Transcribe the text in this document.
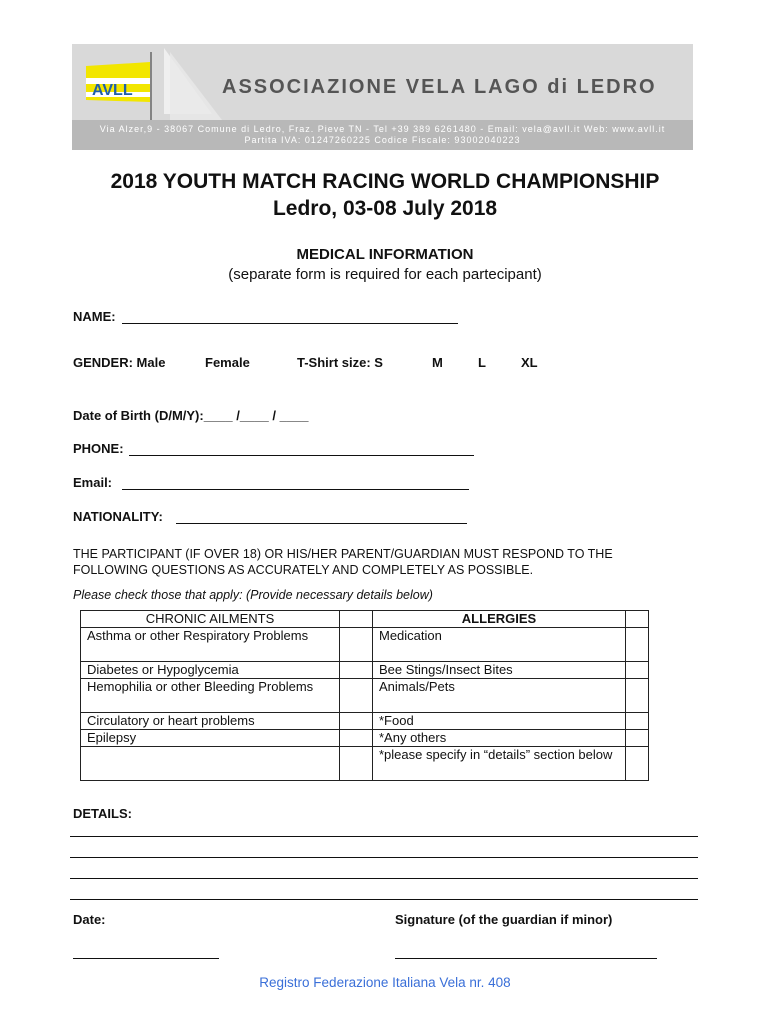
AVLL	ASSOCIAZIONE VELA LAGO di LEDRO
Via Alzer,9 - 38067 Comune di Ledro, Fraz. Pieve TN - Tel +39 389 6261480 - Email: vela@avll.it Web: www.avll.it
Partita IVA: 01247260225 Codice Fiscale: 93002040223
2018 YOUTH MATCH RACING WORLD CHAMPIONSHIP
Ledro, 03-08 July 2018
MEDICAL INFORMATION
(separate form is required for each partecipant)
NAME:
GENDER: Male	Female	T-Shirt size: S	M	L	XL
Date of Birth (D/M/Y):____ /____ / ____
PHONE:
Email:
NATIONALITY:
THE PARTICIPANT (IF OVER 18) OR HIS/HER PARENT/GUARDIAN MUST RESPOND TO THE
FOLLOWING QUESTIONS AS ACCURATELY AND COMPLETELY AS POSSIBLE.
Please check those that apply: (Provide necessary details below)
CHRONIC AILMENTS		ALLERGIES	
Asthma or other Respiratory Problems		Medication	
Diabetes or Hypoglycemia		Bee Stings/Insect Bites	
Hemophilia or other Bleeding Problems		Animals/Pets	
Circulatory or heart problems		*Food	
Epilepsy		*Any others	
		*please specify in “details” section below	
DETAILS:
Date:	Signature (of the guardian if minor)
Registro Federazione Italiana Vela nr. 408
